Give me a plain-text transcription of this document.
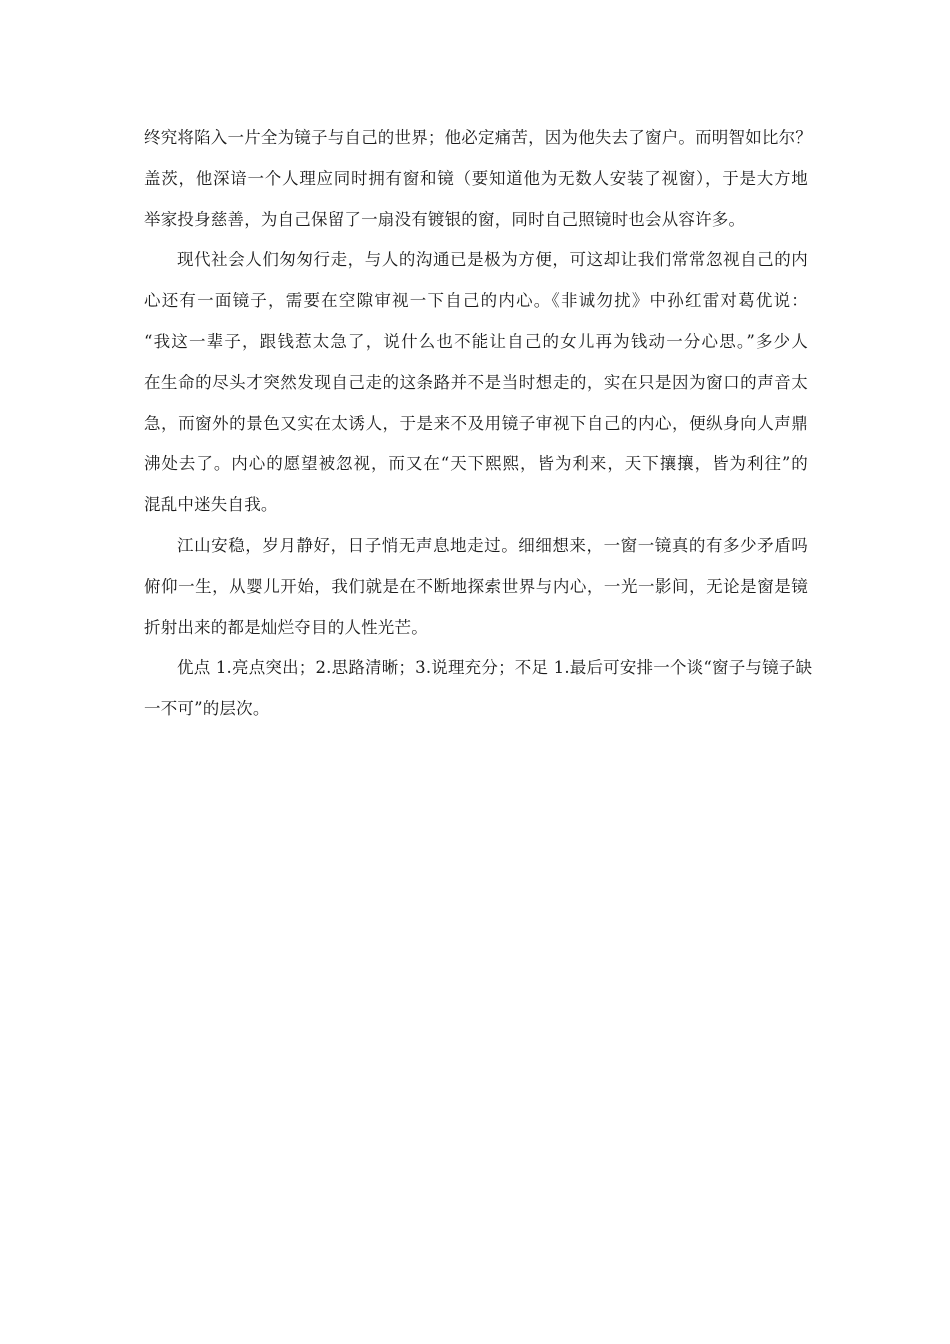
终究将陷入一片全为镜子与自己的世界；他必定痛苦，因为他失去了窗户。而明智如比尔？
盖茨，他深谙一个人理应同时拥有窗和镜（要知道他为无数人安装了视窗），于是大方地
举家投身慈善，为自己保留了一扇没有镀银的窗，同时自己照镜时也会从容许多。
现代社会人们匆匆行走，与人的沟通已是极为方便，可这却让我们常常忽视自己的内
心还有一面镜子，需要在空隙审视一下自己的内心。《非诚勿扰》中孙红雷对葛优说：
“我这一辈子，跟钱惹太急了，说什么也不能让自己的女儿再为钱动一分心思。”多少人
在生命的尽头才突然发现自己走的这条路并不是当时想走的，实在只是因为窗口的声音太
急，而窗外的景色又实在太诱人，于是来不及用镜子审视下自己的内心，便纵身向人声鼎
沸处去了。内心的愿望被忽视，而又在“天下熙熙，皆为利来，天下攘攘，皆为利往”的
混乱中迷失自我。
江山安稳，岁月静好，日子悄无声息地走过。细细想来，一窗一镜真的有多少矛盾吗
俯仰一生，从婴儿开始，我们就是在不断地探索世界与内心，一光一影间，无论是窗是镜
折射出来的都是灿烂夺目的人性光芒。
优点 1.亮点突出；2.思路清晰；3.说理充分；不足 1.最后可安排一个谈“窗子与镜子缺
一不可”的层次。
